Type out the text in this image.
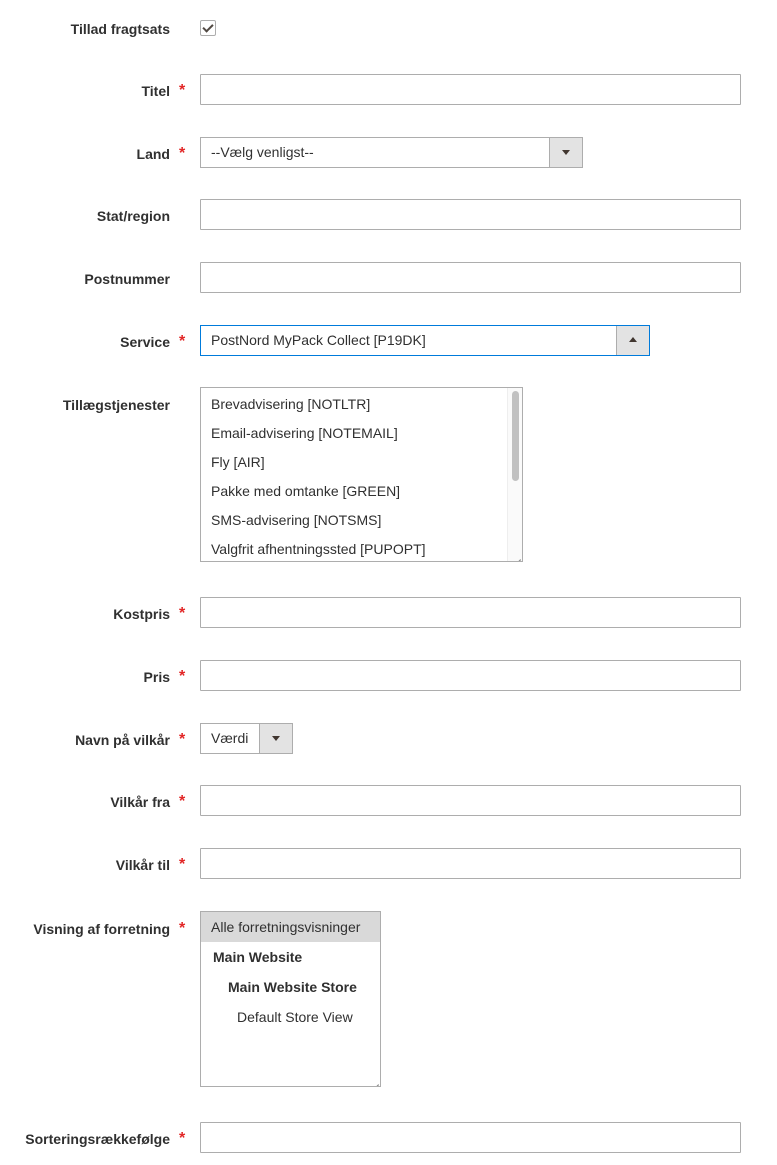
Tillad fragtsats
Titel *
Land * --Vælg venligst--
Stat/region
Postnummer
Service * PostNord MyPack Collect [P19DK]
Tillægstjenester	Brevadvisering [NOTLTR]
Email-advisering [NOTEMAIL]
Fly [AIR]
Pakke med omtanke [GREEN]
SMS-advisering [NOTSMS]
Valgfrit afhentningssted [PUPOPT]
Kostpris *
Pris *
Navn på vilkår * Værdi
Vilkår fra *
Vilkår til *
Visning af forretning * Alle forretningsvisninger
Main Website
Main Website Store
Default Store View
Sorteringsrækkefølge *
